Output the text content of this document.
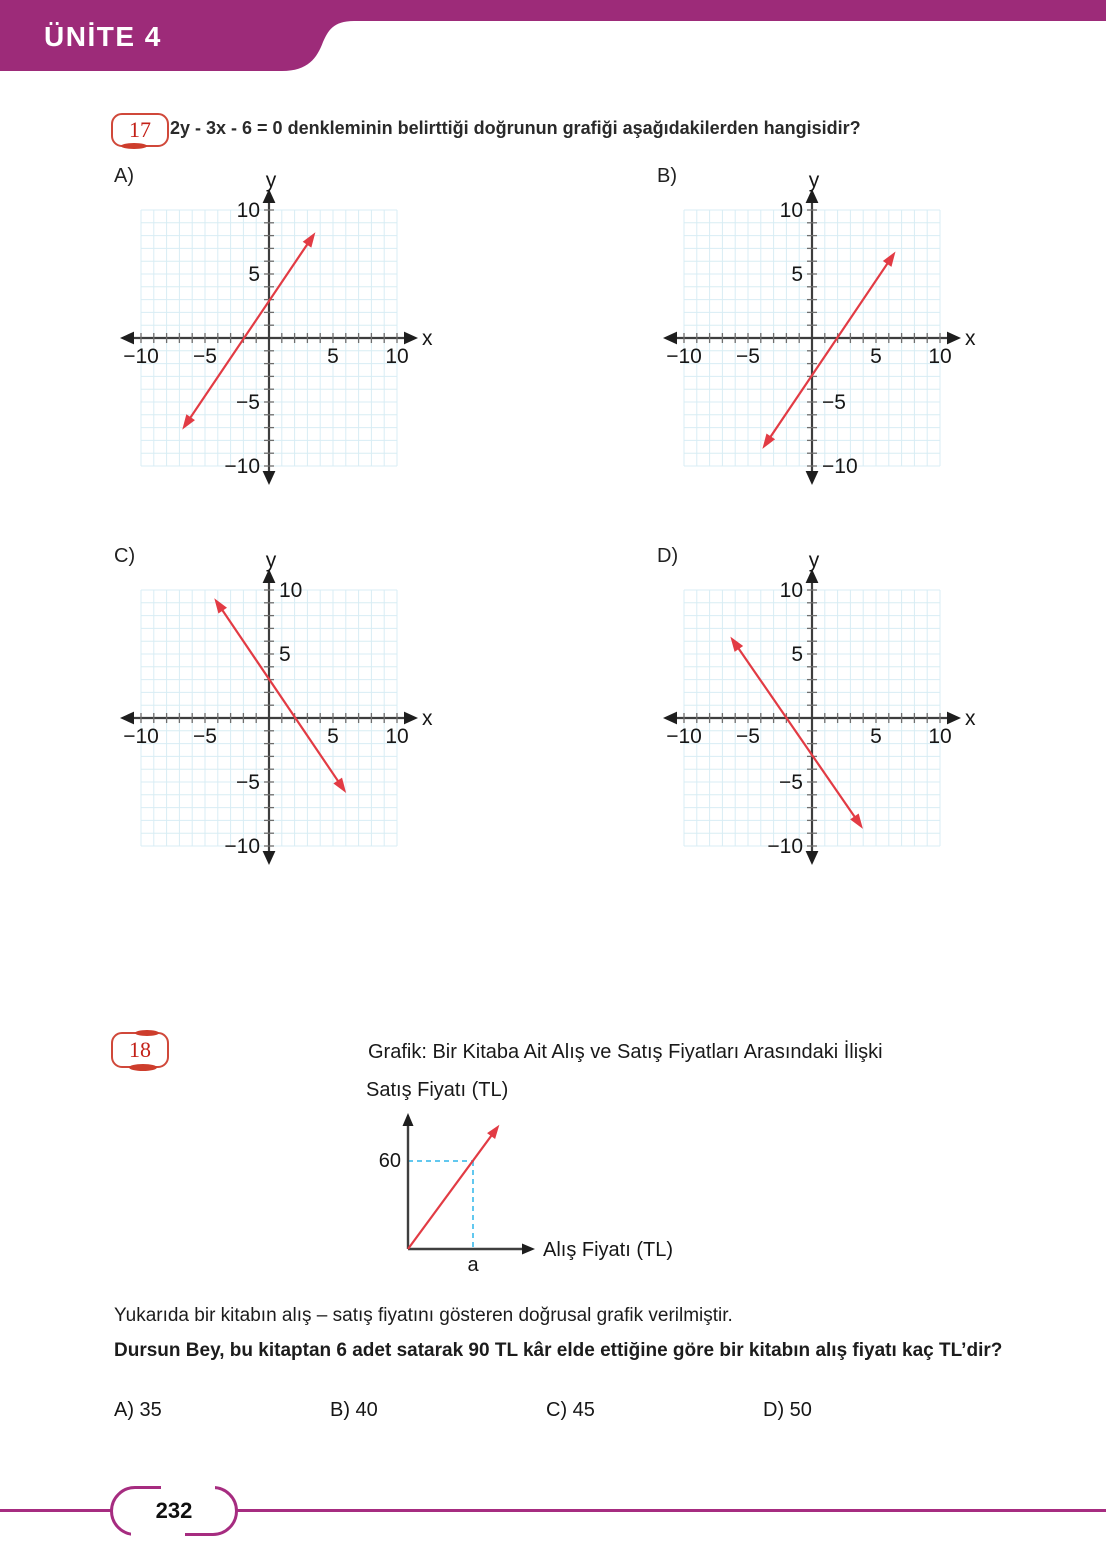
ÜNİTE 4
17 2y - 3x - 6 = 0 denkleminin belirttiği doğrunun grafiği aşağıdakilerden hangisidir?
A)
−10 −5	5 10
10
5
−5
−10
y
x
B)
−10 −5	5 10
10
5
−5
−10
y
x
C)
−10 −5	5 10
10
5
−5
−10
y
x
D)
−10 −5	5 10
10
5
−5
−10
y
x
18	Grafik: Bir Kitaba Ait Alış ve Satış Fiyatları Arasındaki İlişki
Satış Fiyatı (TL)
60
a
Alış Fiyatı (TL)
Yukarıda bir kitabın alış – satış fiyatını gösteren doğrusal grafik verilmiştir.
Dursun Bey, bu kitaptan 6 adet satarak 90 TL kâr elde ettiğine göre bir kitabın alış fiyatı kaç TL’dir?
A) 35	B) 40	C) 45	D) 50
232
